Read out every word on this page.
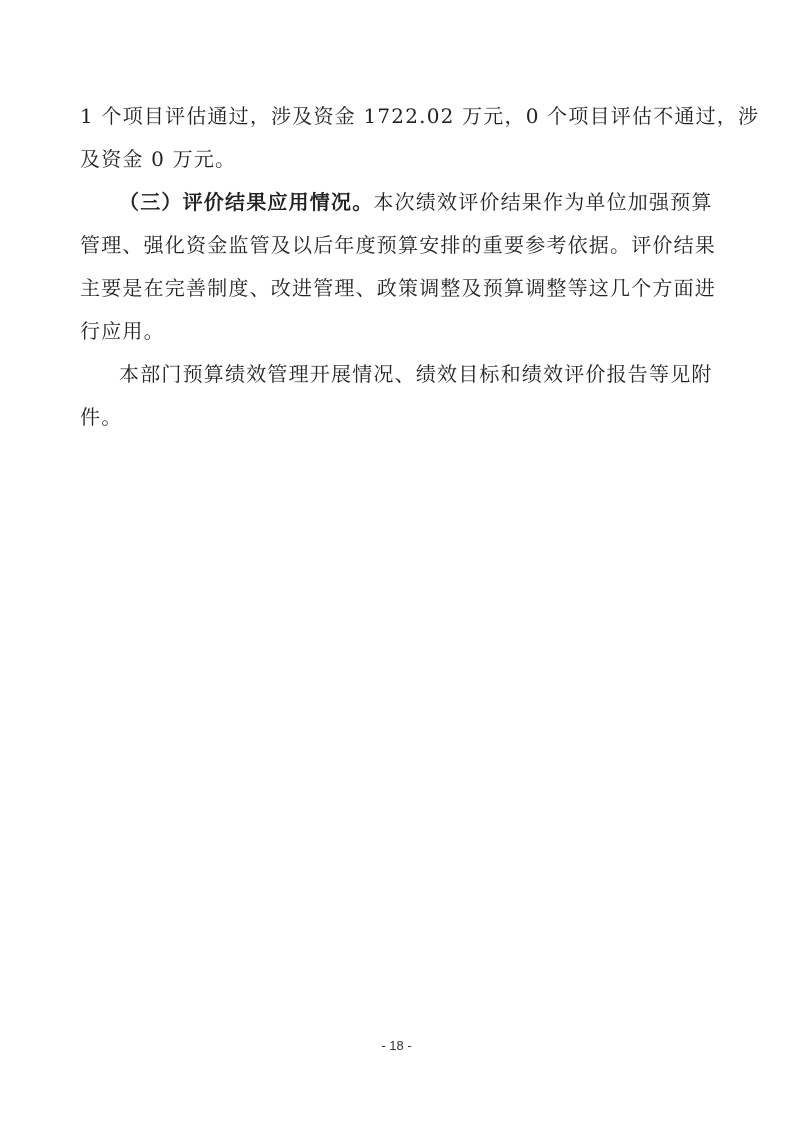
1 个项目评估通过，涉及资金 1722.02 万元，0 个项目评估不通过，涉
及资金 0 万元。
（三）评价结果应用情况。本次绩效评价结果作为单位加强预算
管理、强化资金监管及以后年度预算安排的重要参考依据。评价结果
主要是在完善制度、改进管理、政策调整及预算调整等这几个方面进
行应用。
本部门预算绩效管理开展情况、绩效目标和绩效评价报告等见附
件。
- 18 -
